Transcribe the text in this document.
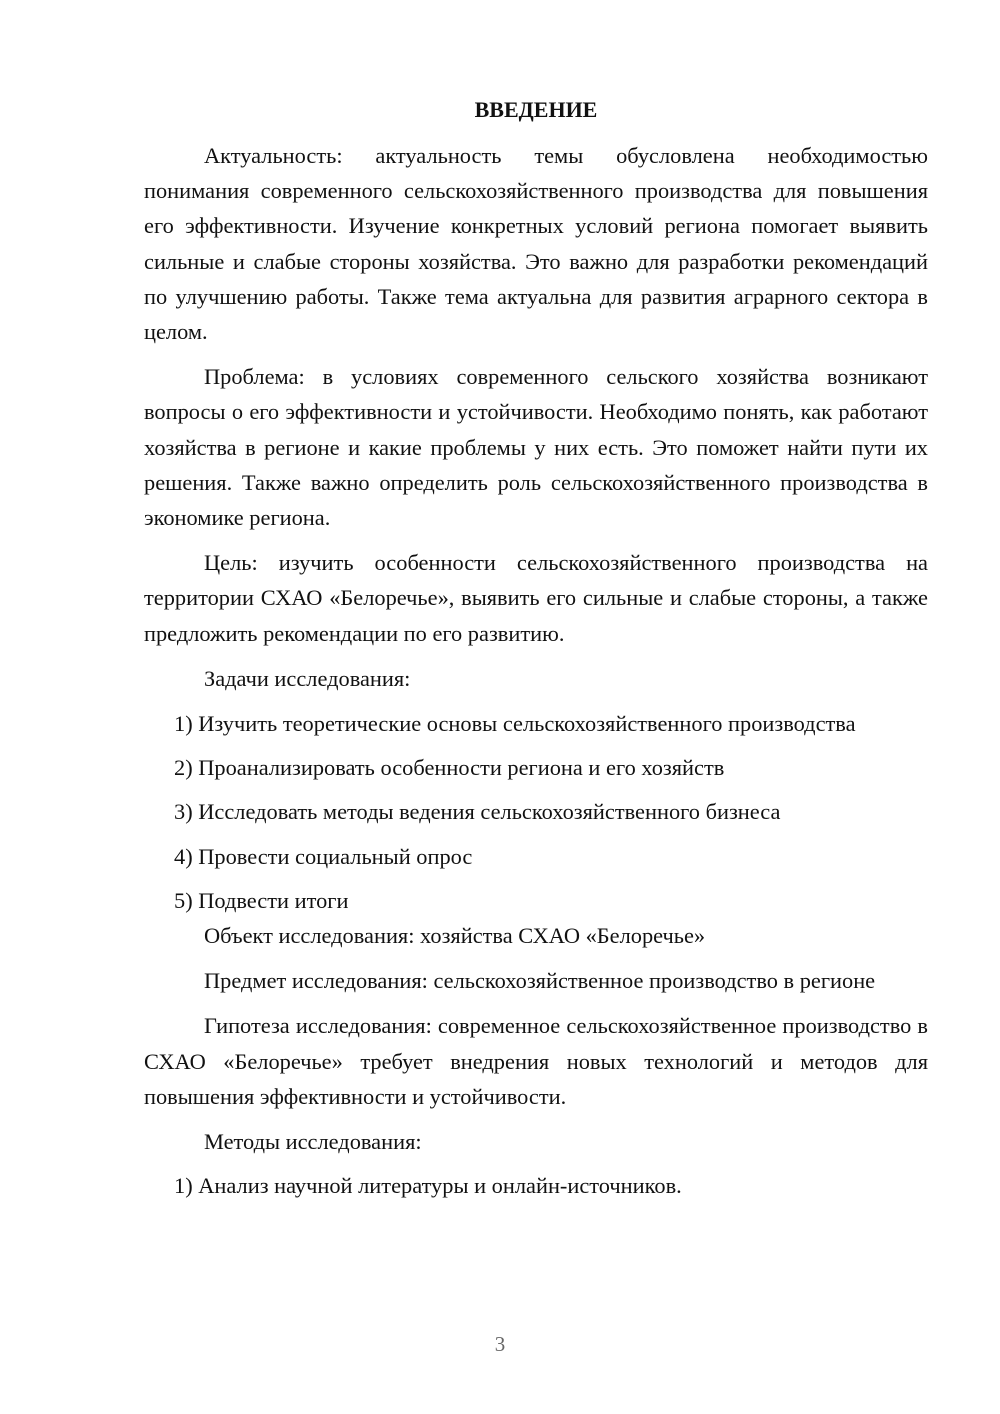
ВВЕДЕНИЕ

Актуальность: актуальность темы обусловлена необходимостью понимания современного сельскохозяйственного производства для повышения его эффективности. Изучение конкретных условий региона помогает выявить сильные и слабые стороны хозяйства. Это важно для разработки рекомендаций по улучшению работы. Также тема актуальна для развития аграрного сектора в целом.

Проблема: в условиях современного сельского хозяйства возникают вопросы о его эффективности и устойчивости. Необходимо понять, как работают хозяйства в регионе и какие проблемы у них есть. Это поможет найти пути их решения. Также важно определить роль сельскохозяйственного производства в экономике региона.

Цель: изучить особенности сельскохозяйственного производства на территории СХАО «Белоречье», выявить его сильные и слабые стороны, а также предложить рекомендации по его развитию.

Задачи исследования:

1) Изучить теоретические основы сельскохозяйственного производства

2) Проанализировать особенности региона и его хозяйств

3) Исследовать методы ведения сельскохозяйственного бизнеса

4) Провести социальный опрос

5) Подвести итоги

Объект исследования: хозяйства СХАО «Белоречье»

Предмет исследования: сельскохозяйственное производство в регионе

Гипотеза исследования: современное сельскохозяйственное производство в СХАО «Белоречье» требует внедрения новых технологий и методов для повышения эффективности и устойчивости.

Методы исследования:

1) Анализ научной литературы и онлайн-источников.

3
